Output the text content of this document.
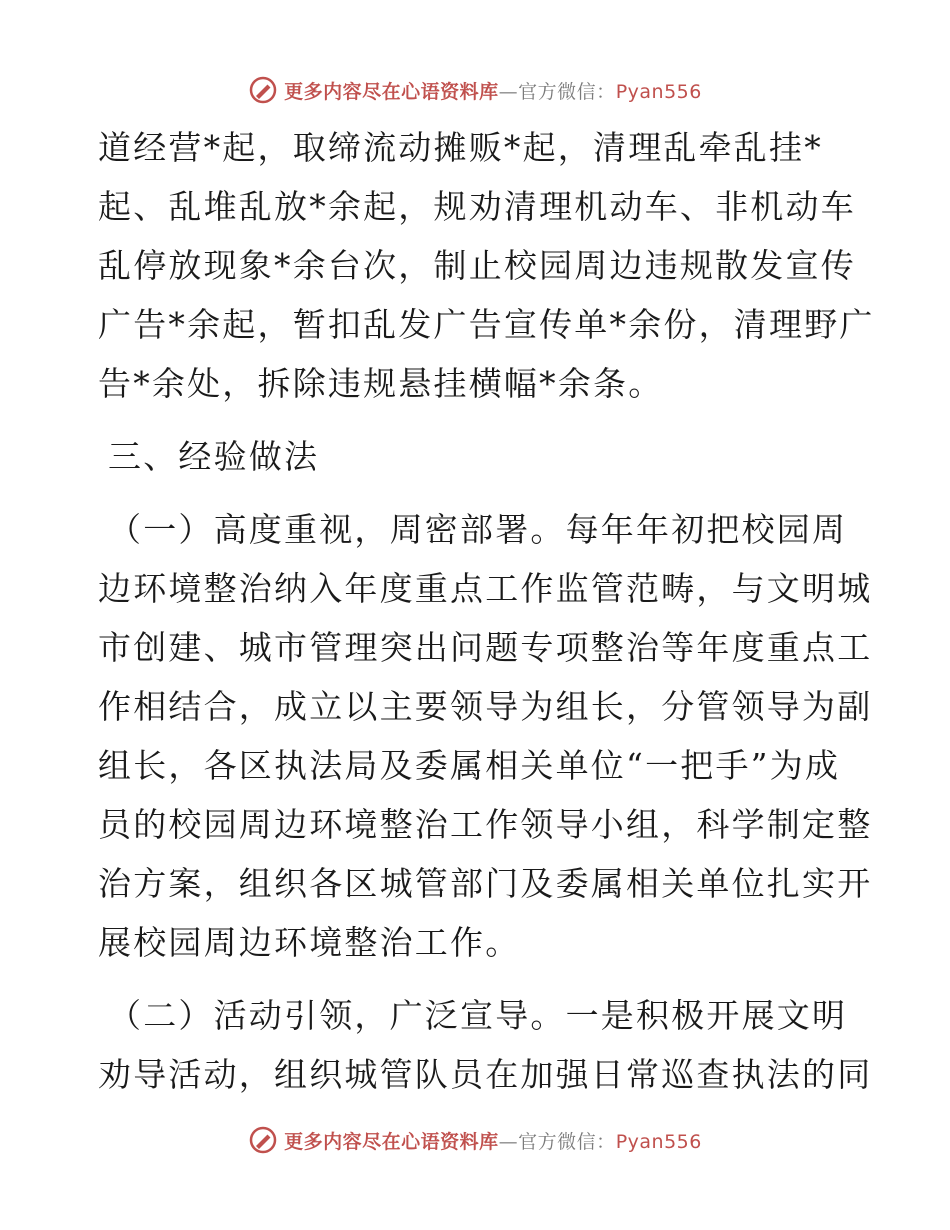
更多内容尽在心语资料库—官方微信：Pyan556

道经营*起，取缔流动摊贩*起，清理乱牵乱挂*

起、乱堆乱放*余起，规劝清理机动车、非机动车

乱停放现象*余台次，制止校园周边违规散发宣传

广告*余起，暂扣乱发广告宣传单*余份，清理野广

告*余处，拆除违规悬挂横幅*余条。

三、经验做法

（一）高度重视，周密部署。每年年初把校园周

边环境整治纳入年度重点工作监管范畴，与文明城

市创建、城市管理突出问题专项整治等年度重点工

作相结合，成立以主要领导为组长，分管领导为副

组长，各区执法局及委属相关单位“一把手”为成

员的校园周边环境整治工作领导小组，科学制定整

治方案，组织各区城管部门及委属相关单位扎实开

展校园周边环境整治工作。

（二）活动引领，广泛宣导。一是积极开展文明

劝导活动，组织城管队员在加强日常巡查执法的同

更多内容尽在心语资料库—官方微信：Pyan556
